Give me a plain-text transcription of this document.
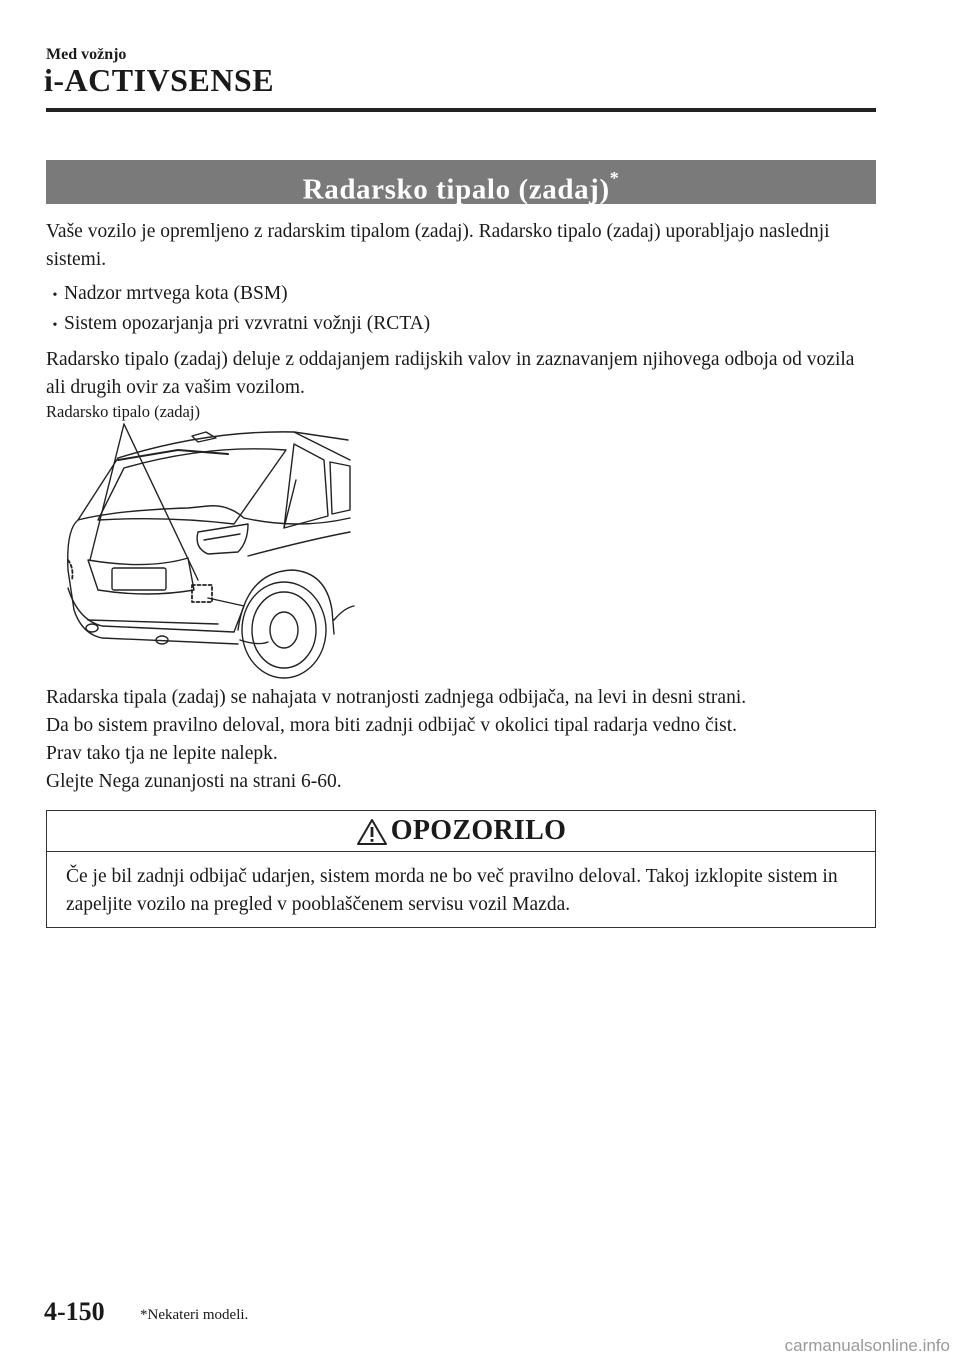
Med vožnjo
i-ACTIVSENSE
Radarsko tipalo (zadaj)*
Vaše vozilo je opremljeno z radarskim tipalom (zadaj). Radarsko tipalo (zadaj) uporabljajo naslednji sistemi.
• Nadzor mrtvega kota (BSM)
• Sistem opozarjanja pri vzvratni vožnji (RCTA)
Radarsko tipalo (zadaj) deluje z oddajanjem radijskih valov in zaznavanjem njihovega odboja od vozila ali drugih ovir za vašim vozilom.
Radarsko tipalo (zadaj)
Radarska tipala (zadaj) se nahajata v notranjosti zadnjega odbijača, na levi in desni strani.
Da bo sistem pravilno deloval, mora biti zadnji odbijač v okolici tipal radarja vedno čist.
Prav tako tja ne lepite nalepk.
Glejte Nega zunanjosti na strani 6-60.
OPOZORILO
Če je bil zadnji odbijač udarjen, sistem morda ne bo več pravilno deloval. Takoj izklopite sistem in zapeljite vozilo na pregled v pooblaščenem servisu vozil Mazda.
4-150 *Nekateri modeli.
carmanualsonline.info
